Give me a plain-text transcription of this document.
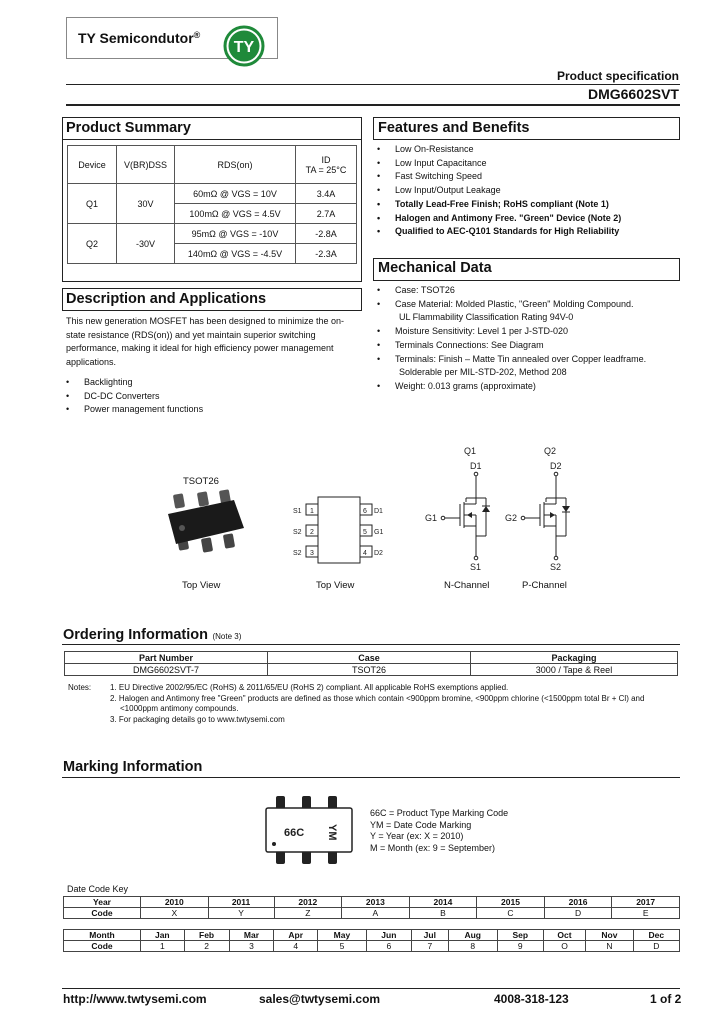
TY Semicondutor®
TY
Product specification
DMG6602SVT
Product Summary
Device	V(BR)DSS	RDS(on)	ID
TA = 25°C

Q1	30V	60mΩ @ VGS = 10V	3.4A
		100mΩ @ VGS = 4.5V	2.7A
Q2	-30V	95mΩ @ VGS = -10V	-2.8A
		140mΩ @ VGS = -4.5V	-2.3A
Description and Applications
This new generation MOSFET has been designed to minimize the on-state resistance (RDS(on)) and yet maintain superior switching performance, making it ideal for high efficiency power management applications.
• Backlighting
• DC-DC Converters
• Power management functions
Features and Benefits
• Low On-Resistance
• Low Input Capacitance
• Fast Switching Speed
• Low Input/Output Leakage
• Totally Lead-Free Finish; RoHS compliant (Note 1)
• Halogen and Antimony Free. "Green" Device (Note 2)
• Qualified to AEC-Q101 Standards for High Reliability
Mechanical Data
• Case: TSOT26
• Case Material: Molded Plastic, "Green" Molding Compound.
UL Flammability Classification Rating 94V-0
• Moisture Sensitivity: Level 1 per J-STD-020
• Terminals Connections: See Diagram
• Terminals: Finish – Matte Tin annealed over Copper leadframe.
Solderable per MIL-STD-202, Method 208
• Weight: 0.013 grams (approximate)
TSOT26
Top View
S1
S2
S2
1
2
3
6
5
4
D1
G1
D2
Top View
Q1
D1
G1
S1
N-Channel
Q2
D2
G2
S2
P-Channel
Ordering Information (Note 3)
Part Number	Case	Packaging
DMG6602SVT-7	TSOT26	3000 / Tape & Reel
Notes: 1. EU Directive 2002/95/EC (RoHS) & 2011/65/EU (RoHS 2) compliant. All applicable RoHS exemptions applied.
2. Halogen and Antimony free "Green" products are defined as those which contain <900ppm bromine, <900ppm chlorine (<1500ppm total Br + Cl) and
<1000ppm antimony compounds.
3. For packaging details go to www.twtysemi.com
Marking Information
66C YM
66C = Product Type Marking Code
YM = Date Code Marking
Y = Year (ex: X = 2010)
M = Month (ex: 9 = September)
Date Code Key
Year	2010	2011	2012	2013	2014	2015	2016	2017
Code	X	Y	Z	A	B	C	D	E
Month	Jan	Feb	Mar	Apr	May	Jun	Jul	Aug	Sep	Oct	Nov	Dec
Code	1	2	3	4	5	6	7	8	9	O	N	D
http://www.twtysemi.com	sales@twtysemi.com	4008-318-123	1 of 2
